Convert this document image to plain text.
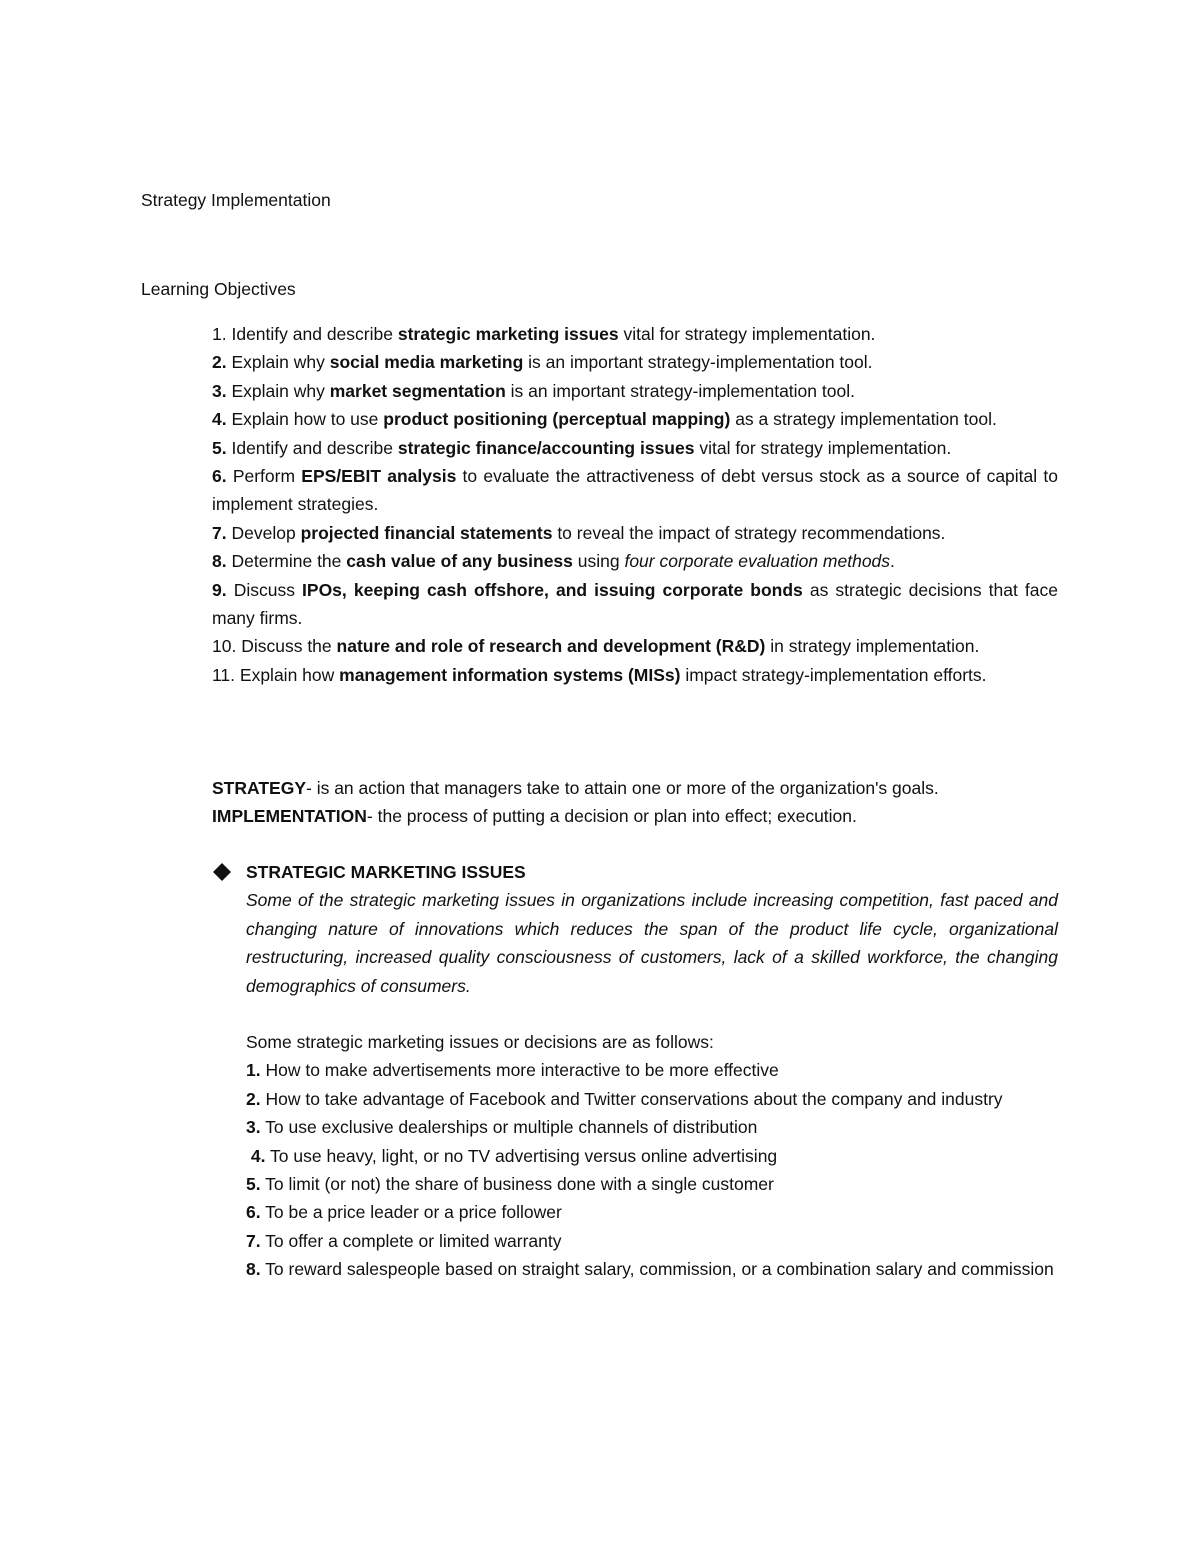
Strategy Implementation
Learning Objectives
1. Identify and describe strategic marketing issues vital for strategy implementation.
2. Explain why social media marketing is an important strategy-implementation tool.
3. Explain why market segmentation is an important strategy-implementation tool.
4. Explain how to use product positioning (perceptual mapping) as a strategy implementation tool.
5. Identify and describe strategic finance/accounting issues vital for strategy implementation.
6. Perform EPS/EBIT analysis to evaluate the attractiveness of debt versus stock as a source of capital to implement strategies.
7. Develop projected financial statements to reveal the impact of strategy recommendations.
8. Determine the cash value of any business using four corporate evaluation methods.
9. Discuss IPOs, keeping cash offshore, and issuing corporate bonds as strategic decisions that face many firms.
10. Discuss the nature and role of research and development (R&D) in strategy implementation.
11. Explain how management information systems (MISs) impact strategy-implementation efforts.

STRATEGY- is an action that managers take to attain one or more of the organization's goals.

IMPLEMENTATION- the process of putting a decision or plan into effect; execution.

STRATEGIC MARKETING ISSUES

Some of the strategic marketing issues in organizations include increasing competition, fast paced and changing nature of innovations which reduces the span of the product life cycle, organizational restructuring, increased quality consciousness of customers, lack of a skilled workforce, the changing demographics of consumers.

Some strategic marketing issues or decisions are as follows:

1. How to make advertisements more interactive to be more effective
2. How to take advantage of Facebook and Twitter conservations about the company and industry
3. To use exclusive dealerships or multiple channels of distribution
4. To use heavy, light, or no TV advertising versus online advertising
5. To limit (or not) the share of business done with a single customer
6. To be a price leader or a price follower
7. To offer a complete or limited warranty
8. To reward salespeople based on straight salary, commission, or a combination salary and commission
